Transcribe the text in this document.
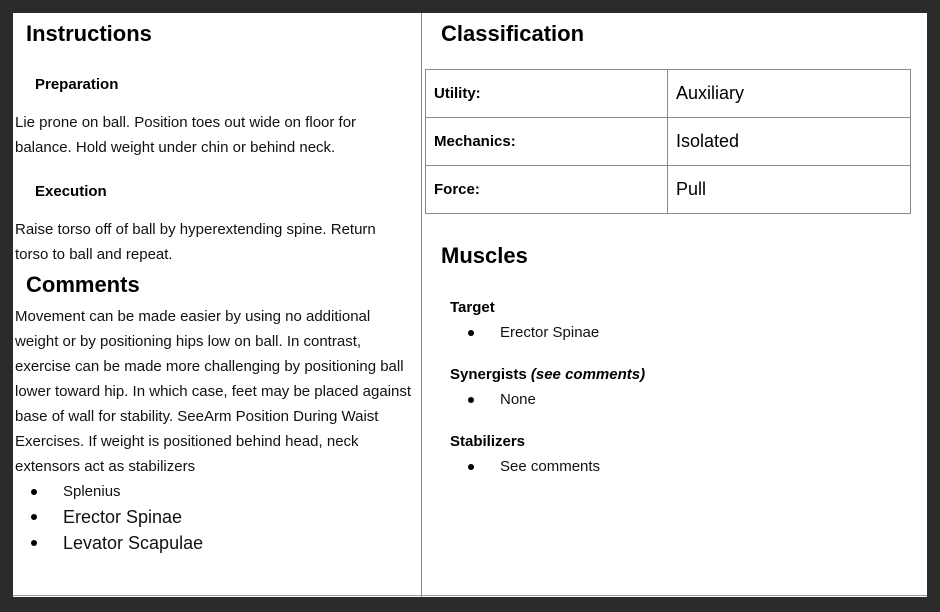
Instructions
Preparation

Lie prone on ball. Position toes out wide on floor for balance. Hold weight under chin or behind neck.

Execution

Raise torso off of ball by hyperextending spine. Return torso to ball and repeat.

Comments

Movement can be made easier by using no additional weight or by positioning hips low on ball. In contrast, exercise can be made more challenging by positioning ball lower toward hip. In which case, feet may be placed against base of wall for stability. SeeArm Position During Waist Exercises. If weight is positioned behind head, neck extensors act as stabilizers

Splenius
Erector Spinae
Levator Scapulae
Classification
Utility:	Auxiliary
Mechanics:	Isolated
Force:	Pull
Muscles
Target
Erector Spinae
Synergists (see comments)
None
Stabilizers
See comments
